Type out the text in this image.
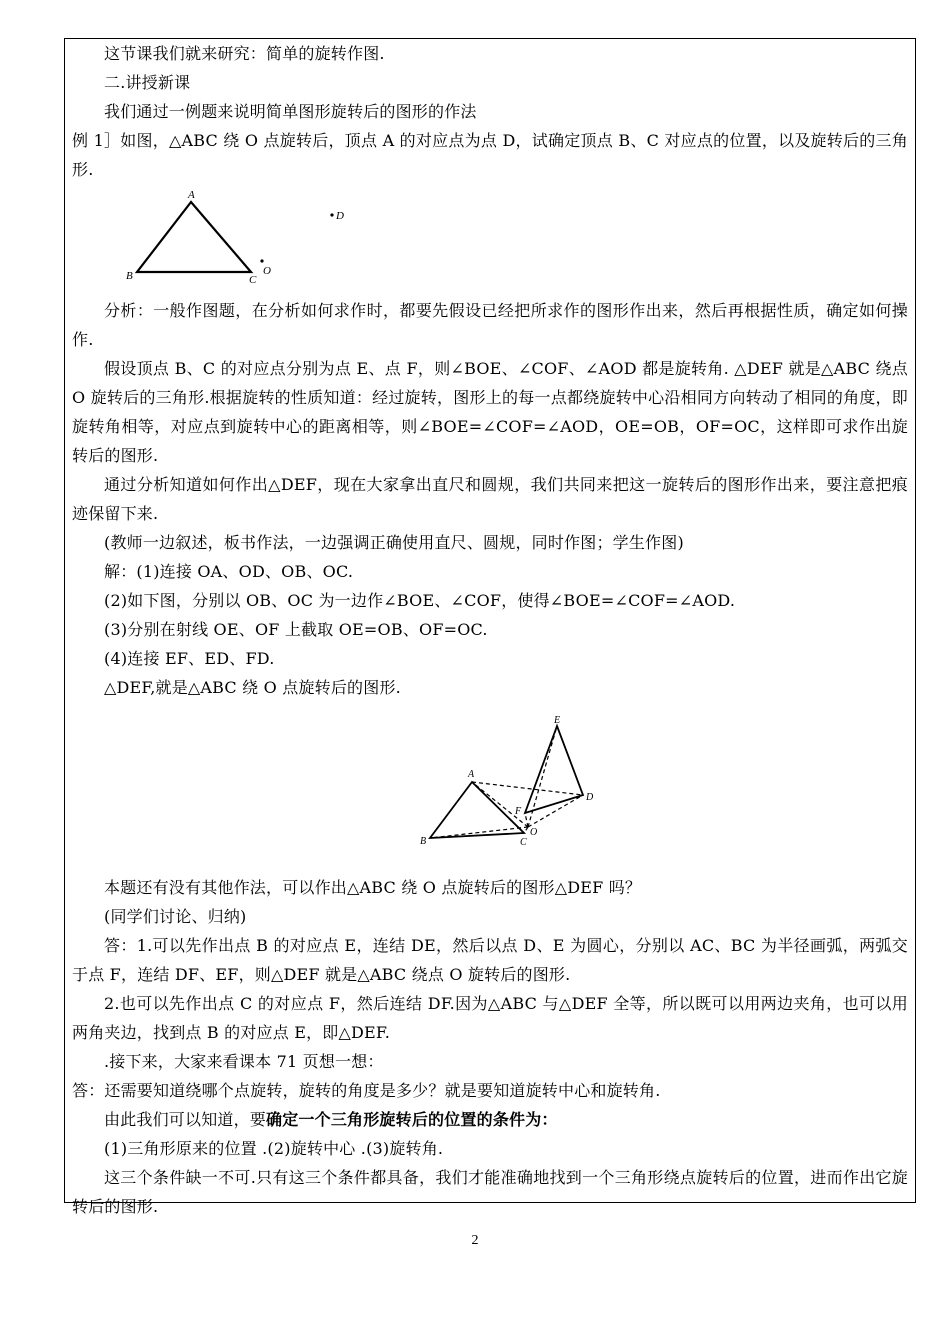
这节课我们就来研究：简单的旋转作图.

二.讲授新课

我们通过一例题来说明简单图形旋转后的图形的作法

例 1］如图，△ABC 绕 O 点旋转后，顶点 A 的对应点为点 D，试确定顶点 B、C 对应点的位置，以及旋转后的三角形.

A
B	C
O
D

分析：一般作图题，在分析如何求作时，都要先假设已经把所求作的图形作出来，然后再根据性质，确定如何操作.

假设顶点 B、C 的对应点分别为点 E、点 F，则∠BOE、∠COF、∠AOD 都是旋转角. △DEF 就是△ABC 绕点 O 旋转后的三角形.根据旋转的性质知道：经过旋转，图形上的每一点都绕旋转中心沿相同方向转动了相同的角度，即旋转角相等，对应点到旋转中心的距离相等，则∠BOE=∠COF=∠AOD，OE=OB，OF=OC，这样即可求作出旋转后的图形.

通过分析知道如何作出△DEF，现在大家拿出直尺和圆规，我们共同来把这一旋转后的图形作出来，要注意把痕迹保留下来.

(教师一边叙述，板书作法，一边强调正确使用直尺、圆规，同时作图；学生作图)

解：(1)连接 OA、OD、OB、OC.

(2)如下图，分别以 OB、OC 为一边作∠BOE、∠COF，使得∠BOE=∠COF=∠AOD.

(3)分别在射线 OE、OF 上截取 OE=OB、OF=OC.

(4)连接 EF、ED、FD.

△DEF,就是△ABC 绕 O 点旋转后的图形.

E
A
F
D
O
B	C

本题还有没有其他作法，可以作出△ABC 绕 O 点旋转后的图形△DEF 吗？

(同学们讨论、归纳)

答：1.可以先作出点 B 的对应点 E，连结 DE，然后以点 D、E 为圆心，分别以 AC、BC 为半径画弧，两弧交于点 F，连结 DF、EF，则△DEF 就是△ABC 绕点 O 旋转后的图形.

2.也可以先作出点 C 的对应点 F，然后连结 DF.因为△ABC 与△DEF 全等，所以既可以用两边夹角，也可以用两角夹边，找到点 B 的对应点 E，即△DEF.

.接下来，大家来看课本 71 页想一想：

答：还需要知道绕哪个点旋转，旋转的角度是多少？就是要知道旋转中心和旋转角.

由此我们可以知道，要确定一个三角形旋转后的位置的条件为：

(1)三角形原来的位置 .(2)旋转中心 .(3)旋转角.

这三个条件缺一不可.只有这三个条件都具备，我们才能准确地找到一个三角形绕点旋转后的位置，进而作出它旋转后的图形.

2
